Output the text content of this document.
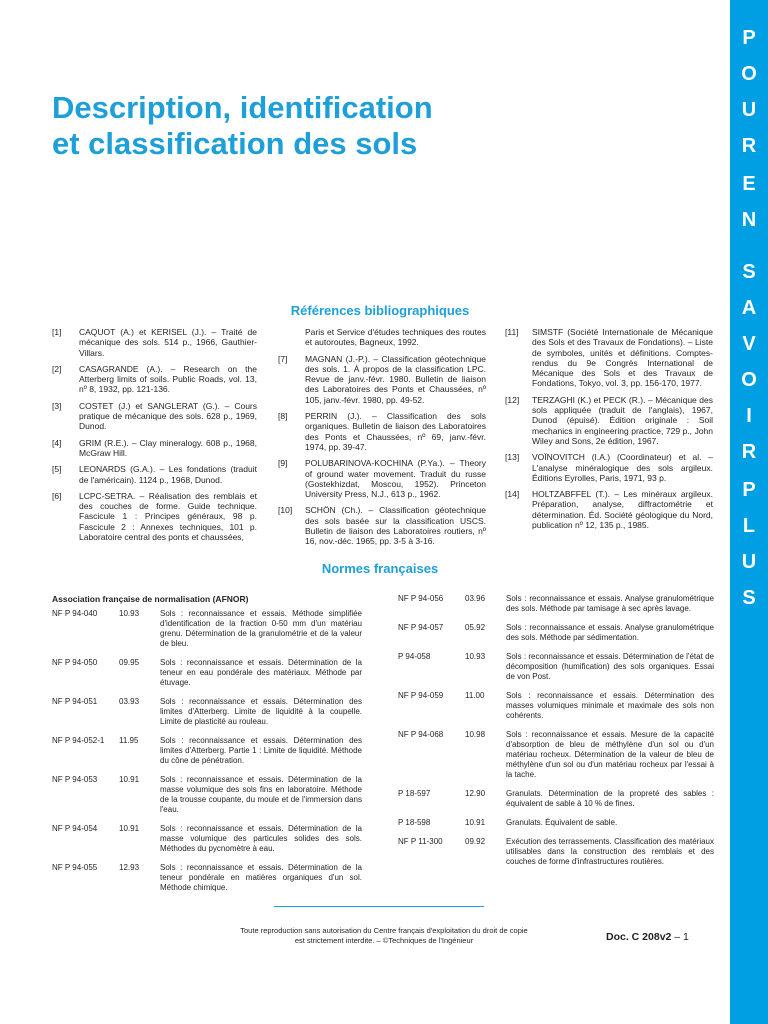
P
O
U
R
E
N
S
A
V
O
I
R
P
L
U
S
Description, identification
et classification des sols
Références bibliographiques
[1] CAQUOT (A.) et KERISEL (J.). – Traité de mécanique des sols. 514 p., 1966, Gauthier-Villars.

[2] CASAGRANDE (A.). – Research on the Atterberg limits of soils. Public Roads, vol. 13, nº 8, 1932, pp. 121-136.

[3] COSTET (J.) et SANGLERAT (G.). – Cours pratique de mécanique des sols. 628 p., 1969, Dunod.

[4] GRIM (R.E.). – Clay mineralogy. 608 p., 1968, McGraw Hill.

[5] LEONARDS (G.A.). – Les fondations (traduit de l'américain). 1124 p., 1968, Dunod.

[6] LCPC-SETRA. – Réalisation des remblais et des couches de forme. Guide technique. Fascicule 1 : Principes généraux, 98 p. Fascicule 2 : Annexes techniques, 101 p. Laboratoire central des ponts et chaussées,

Paris et Service d'études techniques des routes et autoroutes, Bagneux, 1992.

[7] MAGNAN (J.-P.). – Classification géotechnique des sols. 1. À propos de la classification LPC. Revue de janv.-févr. 1980. Bulletin de liaison des Laboratoires des Ponts et Chaussées, nº 105, janv.-févr. 1980, pp. 49-52.

[8] PERRIN (J.). – Classification des sols organiques. Bulletin de liaison des Laboratoires des Ponts et Chaussées, nº 69, janv.-févr. 1974, pp. 39-47.

[9] POLUBARINOVA-KOCHINA (P.Ya.). – Theory of ground water movement. Traduit du russe (Gostekhizdat, Moscou, 1952). Princeton University Press, N.J., 613 p., 1962.

[10] SCHÖN (Ch.). – Classification géotechnique des sols basée sur la classification USCS. Bulletin de liaison des Laboratoires routiers, nº 16, nov.-déc. 1965, pp. 3-5 à 3-16.

[11] SIMSTF (Société Internationale de Mécanique des Sols et des Travaux de Fondations). – Liste de symboles, unités et définitions. Comptes-rendus du 9e Congrès International de Mécanique des Sols et des Travaux de Fondations, Tokyo, vol. 3, pp. 156-170, 1977.

[12] TERZAGHI (K.) et PECK (R.). – Mécanique des sols appliquée (traduit de l'anglais), 1967, Dunod (épuisé). Édition originale : Soil mechanics in engineering practice, 729 p., John Wiley and Sons, 2e édition, 1967.

[13] VOÏNOVITCH (I.A.) (Coordinateur) et al. – L'analyse minéralogique des sols argileux. Éditions Eyrolles, Paris, 1971, 93 p.

[14] HOLTZABFFEL (T.). – Les minéraux argileux. Préparation, analyse, diffractométrie et détermination. Éd. Société géologique du Nord, publication nº 12, 135 p., 1985.

Normes françaises
Association française de normalisation (AFNOR)
NF P 94-040	10.93	Sols : reconnaissance et essais. Méthode simplifiée d'identification de la fraction 0-50 mm d'un matériau grenu. Détermination de la granulométrie et de la valeur de bleu.

NF P 94-050	09.95	Sols : reconnaissance et essais. Détermination de la teneur en eau pondérale des matériaux. Méthode par étuvage.

NF P 94-051	03.93	Sols : reconnaissance et essais. Détermination des limites d'Atterberg. Limite de liquidité à la coupelle. Limite de plasticité au rouleau.

NF P 94-052-1 11.95	Sols : reconnaissance et essais. Détermination des limites d'Atterberg. Partie 1 : Limite de liquidité. Méthode du cône de pénétration.

NF P 94-053	10.91	Sols : reconnaissance et essais. Détermination de la masse volumique des sols fins en laboratoire. Méthode de la trousse coupante, du moule et de l'immersion dans l'eau.

NF P 94-054	10.91	Sols : reconnaissance et essais. Détermination de la masse volumique des particules solides des sols. Méthodes du pycnomètre à eau.

NF P 94-055	12.93	Sols : reconnaissance et essais. Détermination de la teneur pondérale en matières organiques d'un sol. Méthode chimique.

NF P 94-056	03.96	Sols : reconnaissance et essais. Analyse granulométrique des sols. Méthode par tamisage à sec après lavage.

NF P 94-057	05.92	Sols : reconnaissance et essais. Analyse granulométrique des sols. Méthode par sédimentation.

P 94-058	10.93	Sols : reconnaissance et essais. Détermination de l'état de décomposition (humification) des sols organiques. Essai de von Post.

NF P 94-059	11.00	Sols : reconnaissance et essais. Détermination des masses volumiques minimale et maximale des sols non cohérents.

NF P 94-068	10.98	Sols : reconnaissance et essais. Mesure de la capacité d'absorption de bleu de méthylène d'un sol ou d'un matériau rocheux. Détermination de la valeur de bleu de méthylène d'un sol ou d'un matériau rocheux par l'essai à la tache.

P 18-597	12.90	Granulats. Détermination de la propreté des sables : équivalent de sable à 10 % de fines.

P 18-598	10.91	Granulats. Équivalent de sable.

NF P 11-300	09.92	Exécution des terrassements. Classification des matériaux utilisables dans la construction des remblais et des couches de forme d'infrastructures routières.

Toute reproduction sans autorisation du Centre français d'exploitation du droit de copie
est strictement interdite. – ©Techniques de l'Ingénieur	Doc. C 208v2 – 1
